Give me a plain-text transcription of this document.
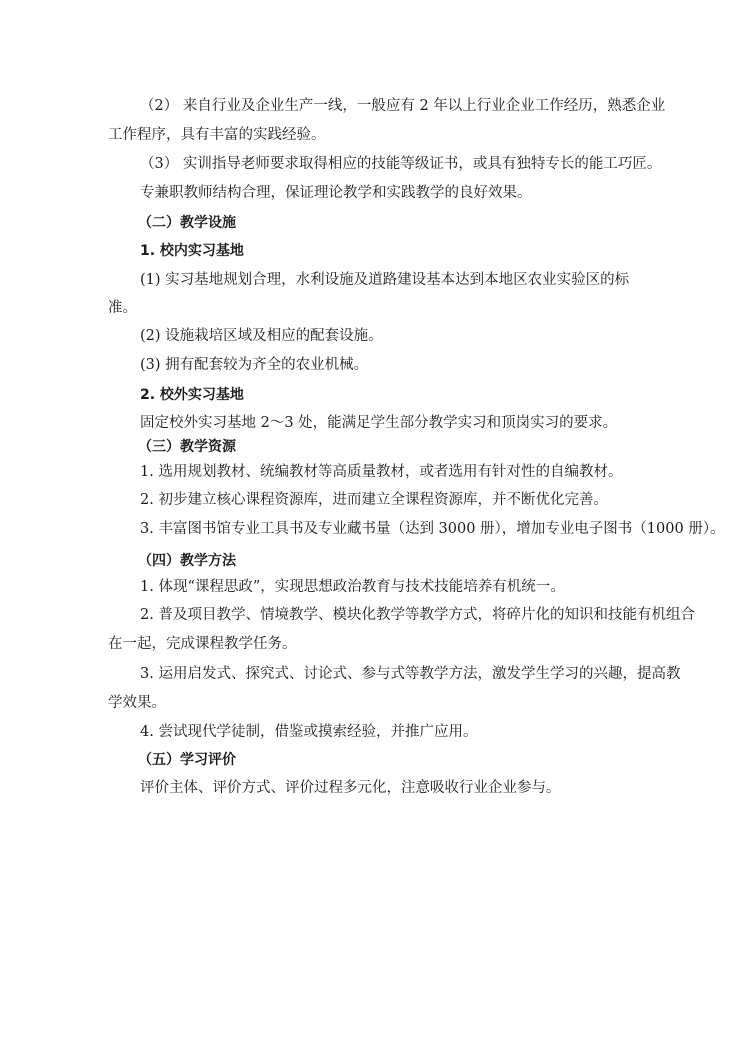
（2） 来自行业及企业生产一线，一般应有 2 年以上行业企业工作经历，熟悉企业
工作程序，具有丰富的实践经验。
（3） 实训指导老师要求取得相应的技能等级证书，或具有独特专长的能工巧匠。
专兼职教师结构合理，保证理论教学和实践教学的良好效果。
（二）教学设施
1. 校内实习基地
(1) 实习基地规划合理，水利设施及道路建设基本达到本地区农业实验区的标
准。
(2) 设施栽培区域及相应的配套设施。
(3) 拥有配套较为齐全的农业机械。
2. 校外实习基地
固定校外实习基地 2～3 处，能满足学生部分教学实习和顶岗实习的要求。
（三）教学资源
1. 选用规划教材、统编教材等高质量教材，或者选用有针对性的自编教材。
2. 初步建立核心课程资源库，进而建立全课程资源库，并不断优化完善。
3. 丰富图书馆专业工具书及专业藏书量（达到 3000 册），增加专业电子图书（1000 册）。
（四）教学方法
1. 体现“课程思政”，实现思想政治教育与技术技能培养有机统一。
2. 普及项目教学、情境教学、模块化教学等教学方式，将碎片化的知识和技能有机组合
在一起，完成课程教学任务。
3. 运用启发式、探究式、讨论式、参与式等教学方法，激发学生学习的兴趣，提高教
学效果。
4. 尝试现代学徒制，借鉴或摸索经验，并推广应用。
（五）学习评价
评价主体、评价方式、评价过程多元化，注意吸收行业企业参与。
